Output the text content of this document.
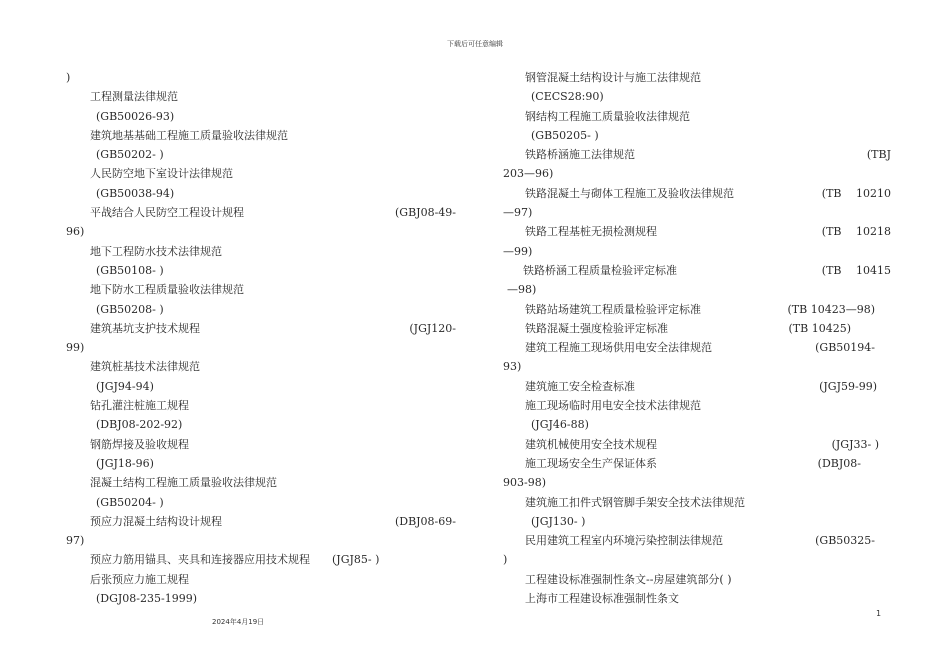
下载后可任意编辑
)
工程测量法律规范
(GB50026-93)
建筑地基基础工程施工质量验收法律规范
(GB50202- )
人民防空地下室设计法律规范
(GB50038-94)
平战结合人民防空工程设计规程	(GBJ08-49-
96)
地下工程防水技术法律规范
(GB50108- )
地下防水工程质量验收法律规范
(GB50208- )
建筑基坑支护技术规程	(JGJ120-
99)
建筑桩基技术法律规范
(JGJ94-94)
钻孔灌注桩施工规程
(DBJ08-202-92)
钢筋焊接及验收规程
(JGJ18-96)
混凝土结构工程施工质量验收法律规范
(GB50204- )
预应力混凝土结构设计规程	(DBJ08-69-
97)
预应力筋用锚具、夹具和连接器应用技术规程　　(JGJ85- )
后张预应力施工规程
(DGJ08-235-1999)
钢管混凝土结构设计与施工法律规范
(CECS28:90)
钢结构工程施工质量验收法律规范
(GB50205- )
铁路桥涵施工法律规范	(TBJ
203—96)
铁路混凝土与砌体工程施工及验收法律规范	(TB　 10210
—97)
铁路工程基桩无损检测规程	(TB　 10218
—99)
铁路桥涵工程质量检验评定标准	(TB　 10415
—98)
铁路站场建筑工程质量检验评定标准	(TB 10423—98)
铁路混凝土强度检验评定标准	(TB 10425)
建筑工程施工现场供用电安全法律规范	(GB50194-
93)
建筑施工安全检查标准	(JGJ59-99)
施工现场临时用电安全技术法律规范
(JGJ46-88)
建筑机械使用安全技术规程	(JGJ33- )
施工现场安全生产保证体系	(DBJ08-
903-98)
建筑施工扣件式钢管脚手架安全技术法律规范
(JGJ130- )
民用建筑工程室内环境污染控制法律规范	(GB50325-
)
工程建设标准强制性条文--房屋建筑部分( )
上海市工程建设标准强制性条文
2024年4月19日
1
